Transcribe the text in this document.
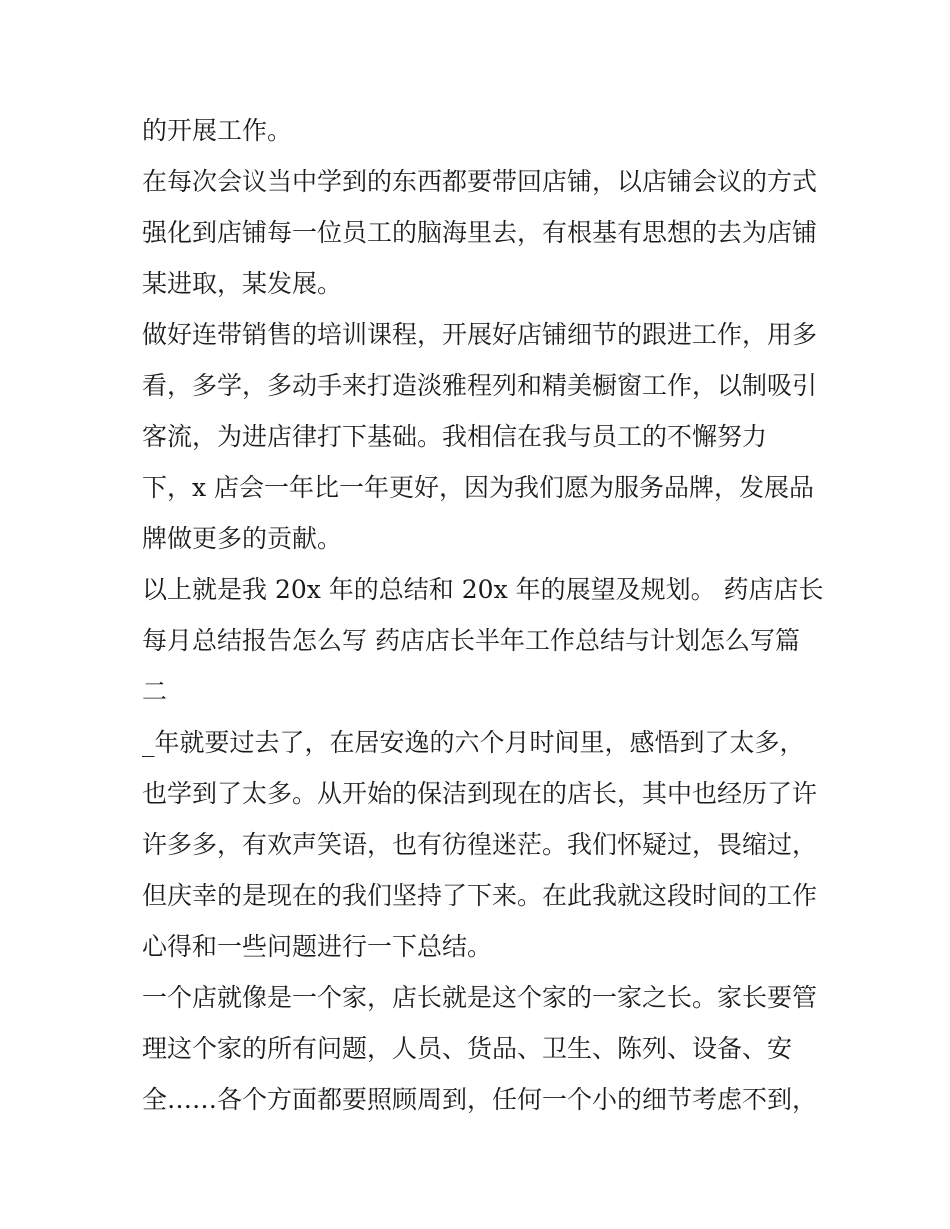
的开展工作。
在每次会议当中学到的东西都要带回店铺，以店铺会议的方式
强化到店铺每一位员工的脑海里去，有根基有思想的去为店铺
某进取，某发展。
做好连带销售的培训课程，开展好店铺细节的跟进工作，用多
看，多学，多动手来打造淡雅程列和精美橱窗工作，以制吸引
客流，为进店律打下基础。我相信在我与员工的不懈努力
下，x 店会一年比一年更好，因为我们愿为服务品牌，发展品
牌做更多的贡献。
以上就是我 20x 年的总结和 20x 年的展望及规划。 药店店长
每月总结报告怎么写 药店店长半年工作总结与计划怎么写篇
二
_年就要过去了，在居安逸的六个月时间里，感悟到了太多，
也学到了太多。从开始的保洁到现在的店长，其中也经历了许
许多多，有欢声笑语，也有彷徨迷茫。我们怀疑过，畏缩过，
但庆幸的是现在的我们坚持了下来。在此我就这段时间的工作
心得和一些问题进行一下总结。
一个店就像是一个家，店长就是这个家的一家之长。家长要管
理这个家的所有问题，人员、货品、卫生、陈列、设备、安
全……各个方面都要照顾周到，任何一个小的细节考虑不到，
